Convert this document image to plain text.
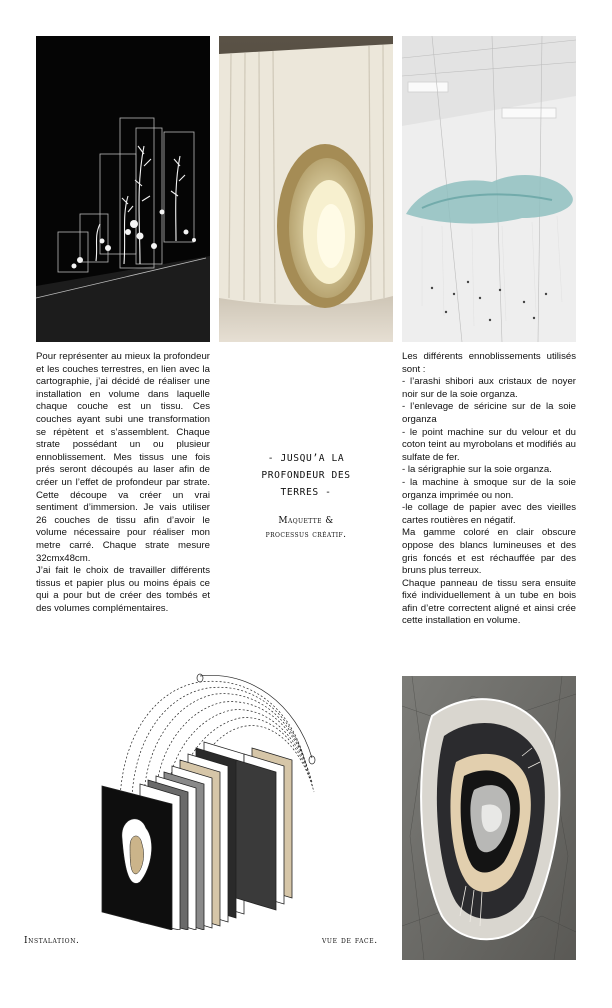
Pour représenter au mieux la profondeur et les couches terrestres, en lien avec la cartographie, j’ai décidé de réaliser une installation en volume dans laquelle chaque couche est un tissu. Ces couches ayant subi une transformation se répètent et s’assemblent. Chaque strate possédant un ou plusieur ennoblissement. Mes tissus une fois prés seront découpés au laser afin de créer un l’effet de profondeur par strate. Cette découpe va créer un vrai sentiment d’immersion. Je vais utiliser 26 couches de tissu afin d’avoir le volume nécessaire pour réaliser mon metre carré. Chaque strate mesure 32cmx48cm.

J’ai fait le choix de travailler différents tissus et papier plus ou moins épais ce qui a pour but de créer des tombés et des volumes complémentaires.

- JUSQU’A LA
PROFONDEUR DES
TERRES -
Maquette &
processus créatif.

Les différents ennoblissements utilisés sont :

- l’arashi shibori aux cristaux de noyer noir sur de la soie organza.

- l’enlevage de séricine sur de la soie organza

- le point machine sur du velour et du coton teint au myrobolans et modifiés au sulfate de fer.

- la sérigraphie sur la soie organza.

- la machine à smoque sur de la soie organza imprimée ou non.

-le collage de papier avec des vieilles cartes routières en négatif.

Ma gamme coloré en clair obscure oppose des blancs lumineuses et des gris foncés et est réchauffée par des bruns plus terreux.

Chaque panneau de tissu sera ensuite fixé individuellement à un tube en bois afin d’etre correctent aligné et ainsi crée cette installation en volume.

Instalation.	vue de face.
